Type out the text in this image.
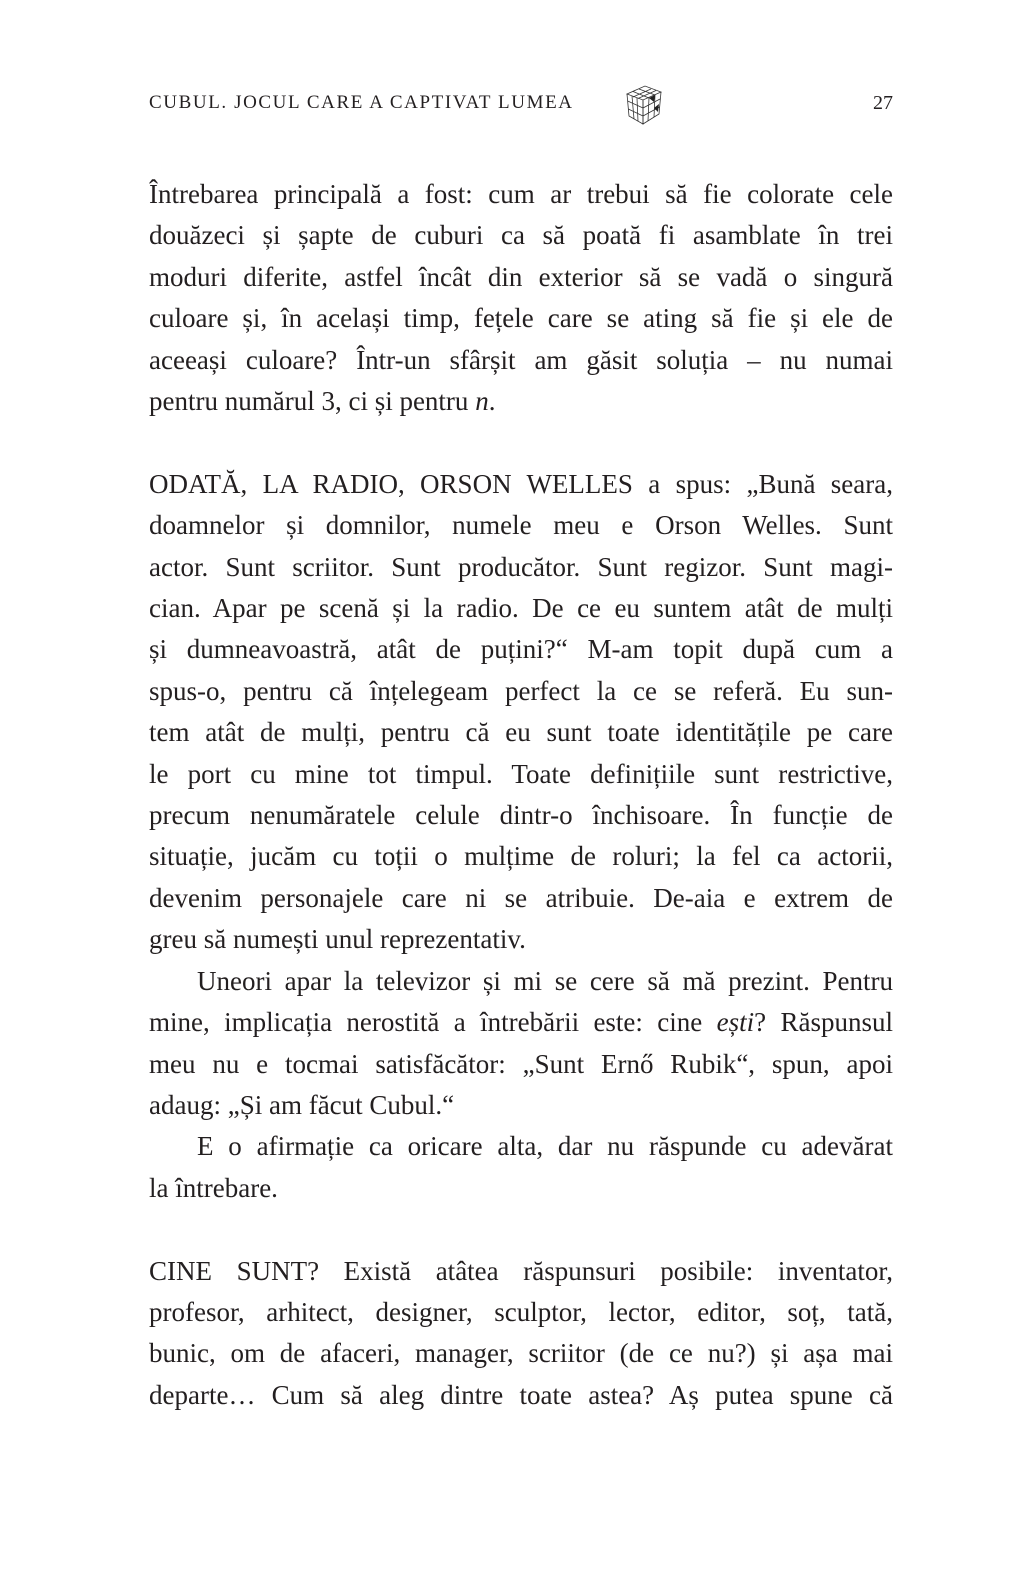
CUBUL. JOCUL CARE A CAPTIVAT LUMEA	27
Întrebarea principală a fost: cum ar trebui să fie colorate cele
douăzeci și șapte de cuburi ca să poată fi asamblate în trei
moduri diferite, astfel încât din exterior să se vadă o singură
culoare și, în același timp, fețele care se ating să fie și ele de
aceeași culoare? Într-un sfârșit am găsit soluția – nu numai
pentru numărul 3, ci și pentru n.
ODATĂ, LA RADIO, ORSON WELLES a spus: „Bună seara,
doamnelor și domnilor, numele meu e Orson Welles. Sunt
actor. Sunt scriitor. Sunt producător. Sunt regizor. Sunt magi-
cian. Apar pe scenă și la radio. De ce eu suntem atât de mulți
și dumneavoastră, atât de puțini?“ M-am topit după cum a
spus-o, pentru că înțelegeam perfect la ce se referă. Eu sun-
tem atât de mulți, pentru că eu sunt toate identitățile pe care
le port cu mine tot timpul. Toate definițiile sunt restrictive,
precum nenumăratele celule dintr-o închisoare. În funcție de
situație, jucăm cu toții o mulțime de roluri; la fel ca actorii,
devenim personajele care ni se atribuie. De-aia e extrem de
greu să numești unul reprezentativ.
Uneori apar la televizor și mi se cere să mă prezint. Pentru
mine, implicația nerostită a întrebării este: cine ești? Răspunsul
meu nu e tocmai satisfăcător: „Sunt Ernő Rubik“, spun, apoi
adaug: „Și am făcut Cubul.“
E o afirmație ca oricare alta, dar nu răspunde cu adevărat
la întrebare.
CINE SUNT? Există atâtea răspunsuri posibile: inventator,
profesor, arhitect, designer, sculptor, lector, editor, soț, tată,
bunic, om de afaceri, manager, scriitor (de ce nu?) și așa mai
departe… Cum să aleg dintre toate astea? Aș putea spune că
